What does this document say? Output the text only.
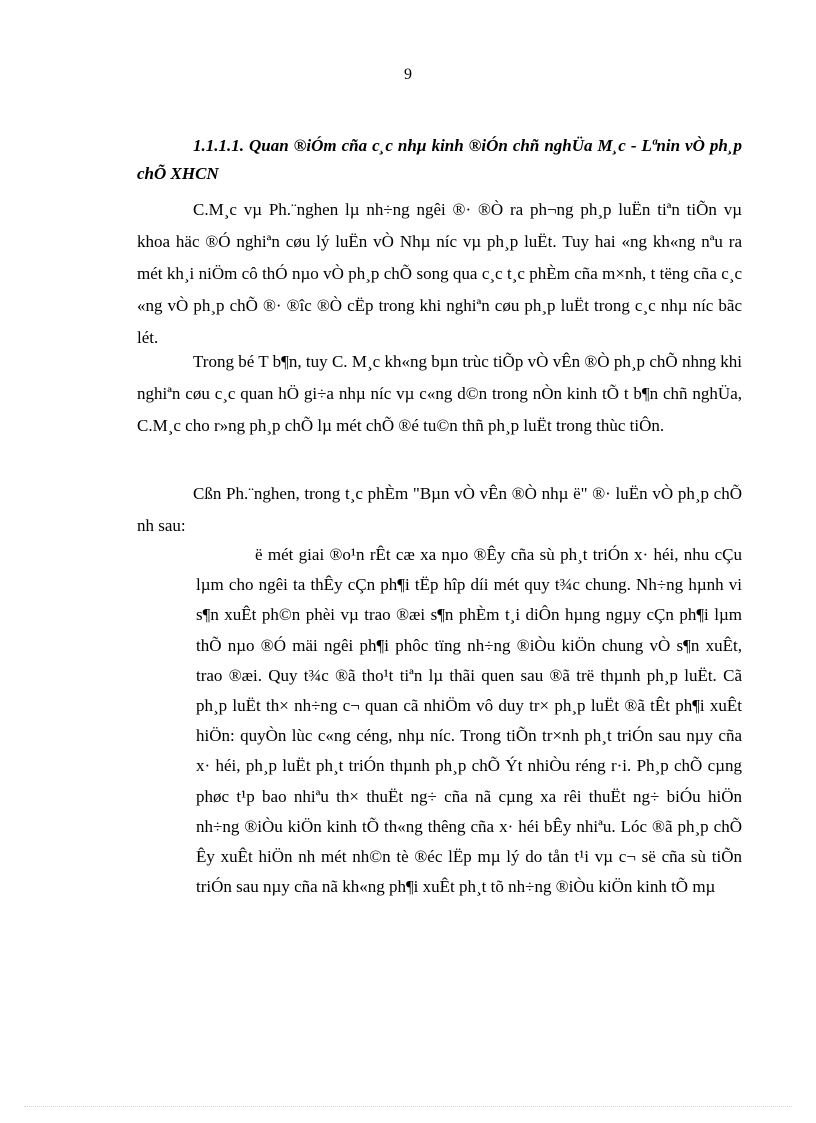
9
1.1.1.1. Quan ®iÓm cña c¸c nhµ kinh ®iÓn chñ nghÜa M¸c - Lªnin vÒ ph¸p chÕ XHCN

C.M¸c vµ Ph.¨nghen lµ nh÷ng ngêi ®· ®Ò ra ph¬ng ph¸p luËn tiªn tiÕn vµ khoa häc ®Ó nghiªn cøu lý luËn vÒ Nhµ níc vµ ph¸p luËt. Tuy hai «ng kh«ng nªu ra mét kh¸i niÖm cô thÓ nµo vÒ ph¸p chÕ song qua c¸c t¸c phÈm cña m×nh, t tëng cña c¸c «ng vÒ ph¸p chÕ ®· ®îc ®Ò cËp trong khi nghiªn cøu ph¸p luËt trong c¸c nhµ níc bãc lét.

Trong bé T b¶n, tuy C. M¸c kh«ng bµn trùc tiÕp vÒ vÊn ®Ò ph¸p chÕ nhng khi nghiªn cøu c¸c quan hÖ gi÷a nhµ níc vµ c«ng d©n trong nÒn kinh tÕ t b¶n chñ nghÜa, C.M¸c cho r»ng ph¸p chÕ lµ mét chÕ ®é tu©n thñ ph¸p luËt trong thùc tiÔn.

Cßn Ph.¨nghen, trong t¸c phÈm "Bµn vÒ vÊn ®Ò nhµ ë" ®· luËn vÒ ph¸p chÕ nh sau:

ë mét giai ®o¹n rÊt cæ xa nµo ®Êy cña sù ph¸t triÓn x· héi, nhu cÇu lµm cho ngêi ta thÊy cÇn ph¶i tËp hîp díi mét quy t¾c chung. Nh÷ng hµnh vi s¶n xuÊt ph©n phèi vµ trao ®æi s¶n phÈm t¸i diÔn hµng ngµy cÇn ph¶i lµm thÕ nµo ®Ó mäi ngêi ph¶i phôc tïng nh÷ng ®iÒu kiÖn chung vÒ s¶n xuÊt, trao ®æi. Quy t¾c ®ã tho¹t tiªn lµ thãi quen sau ®ã trë thµnh ph¸p luËt. Cã ph¸p luËt th× nh÷ng c¬ quan cã nhiÖm vô duy tr× ph¸p luËt ®ã tÊt ph¶i xuÊt hiÖn: quyÒn lùc c«ng céng, nhµ níc. Trong tiÕn tr×nh ph¸t triÓn sau nµy cña x· héi, ph¸p luËt ph¸t triÓn thµnh ph¸p chÕ Ýt nhiÒu réng r·i. Ph¸p chÕ cµng phøc t¹p bao nhiªu th× thuËt ng÷ cña nã cµng xa rêi thuËt ng÷ biÓu hiÖn nh÷ng ®iÒu kiÖn kinh tÕ th«ng thêng cña x· héi bÊy nhiªu. Lóc ®ã ph¸p chÕ Êy xuÊt hiÖn nh mét nh©n tè ®éc lËp mµ lý do tån t¹i vµ c¬ së cña sù tiÕn triÓn sau nµy cña nã kh«ng ph¶i xuÊt ph¸t tõ nh÷ng ®iÒu kiÖn kinh tÕ mµ
